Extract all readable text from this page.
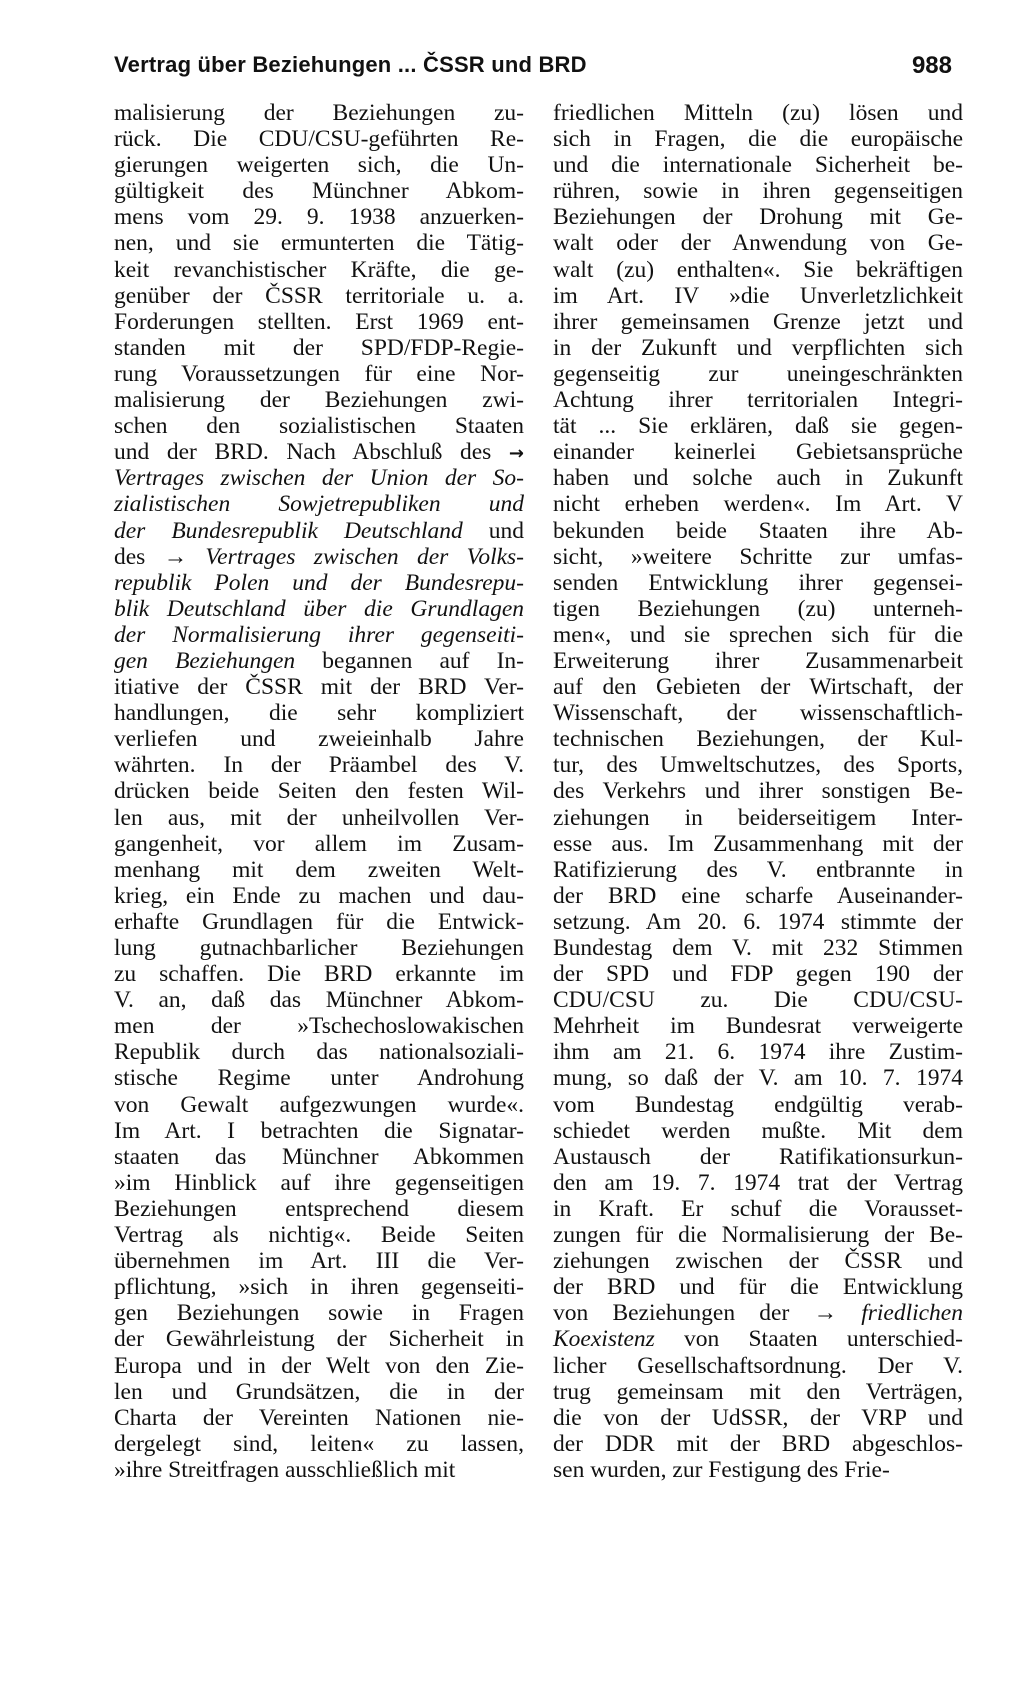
Vertrag über Beziehungen ... ČSSR und BRD	988
malisierung der Beziehungen zu-
rück. Die CDU/CSU-geführten Re-
gierungen weigerten sich, die Un-
gültigkeit des Münchner Abkom-
mens vom 29. 9. 1938 anzuerken-
nen, und sie ermunterten die Tätig-
keit revanchistischer Kräfte, die ge-
genüber der ČSSR territoriale u. a.
Forderungen stellten. Erst 1969 ent-
standen mit der SPD/FDP-Regie-
rung Voraussetzungen für eine Nor-
malisierung der Beziehungen zwi-
schen den sozialistischen Staaten
und der BRD. Nach Abschluß des →
Vertrages zwischen der Union der So-
zialistischen Sowjetrepubliken und
der Bundesrepublik Deutschland und
des → Vertrages zwischen der Volks-
republik Polen und der Bundesrepu-
blik Deutschland über die Grundlagen
der Normalisierung ihrer gegenseiti-
gen Beziehungen begannen auf In-
itiative der ČSSR mit der BRD Ver-
handlungen, die sehr kompliziert
verliefen und zweieinhalb Jahre
währten. In der Präambel des V.
drücken beide Seiten den festen Wil-
len aus, mit der unheilvollen Ver-
gangenheit, vor allem im Zusam-
menhang mit dem zweiten Welt-
krieg, ein Ende zu machen und dau-
erhafte Grundlagen für die Entwick-
lung gutnachbarlicher Beziehungen
zu schaffen. Die BRD erkannte im
V. an, daß das Münchner Abkom-
men der »Tschechoslowakischen
Republik durch das nationalsoziali-
stische Regime unter Androhung
von Gewalt aufgezwungen wurde«.
Im Art. I betrachten die Signatar-
staaten das Münchner Abkommen
»im Hinblick auf ihre gegenseitigen
Beziehungen entsprechend diesem
Vertrag als nichtig«. Beide Seiten
übernehmen im Art. III die Ver-
pflichtung, »sich in ihren gegenseiti-
gen Beziehungen sowie in Fragen
der Gewährleistung der Sicherheit in
Europa und in der Welt von den Zie-
len und Grundsätzen, die in der
Charta der Vereinten Nationen nie-
dergelegt sind, leiten« zu lassen,
»ihre Streitfragen ausschließlich mit
friedlichen Mitteln (zu) lösen und
sich in Fragen, die die europäische
und die internationale Sicherheit be-
rühren, sowie in ihren gegenseitigen
Beziehungen der Drohung mit Ge-
walt oder der Anwendung von Ge-
walt (zu) enthalten«. Sie bekräftigen
im Art. IV »die Unverletzlichkeit
ihrer gemeinsamen Grenze jetzt und
in der Zukunft und verpflichten sich
gegenseitig zur uneingeschränkten
Achtung ihrer territorialen Integri-
tät ... Sie erklären, daß sie gegen-
einander keinerlei Gebietsansprüche
haben und solche auch in Zukunft
nicht erheben werden«. Im Art. V
bekunden beide Staaten ihre Ab-
sicht, »weitere Schritte zur umfas-
senden Entwicklung ihrer gegensei-
tigen Beziehungen (zu) unterneh-
men«, und sie sprechen sich für die
Erweiterung ihrer Zusammenarbeit
auf den Gebieten der Wirtschaft, der
Wissenschaft, der wissenschaftlich-
technischen Beziehungen, der Kul-
tur, des Umweltschutzes, des Sports,
des Verkehrs und ihrer sonstigen Be-
ziehungen in beiderseitigem Inter-
esse aus. Im Zusammenhang mit der
Ratifizierung des V. entbrannte in
der BRD eine scharfe Auseinander-
setzung. Am 20. 6. 1974 stimmte der
Bundestag dem V. mit 232 Stimmen
der SPD und FDP gegen 190 der
CDU/CSU zu. Die CDU/CSU-
Mehrheit im Bundesrat verweigerte
ihm am 21. 6. 1974 ihre Zustim-
mung, so daß der V. am 10. 7. 1974
vom Bundestag endgültig verab-
schiedet werden mußte. Mit dem
Austausch der Ratifikationsurkun-
den am 19. 7. 1974 trat der Vertrag
in Kraft. Er schuf die Vorausset-
zungen für die Normalisierung der Be-
ziehungen zwischen der ČSSR und
der BRD und für die Entwicklung
von Beziehungen der → friedlichen
Koexistenz von Staaten unterschied-
licher Gesellschaftsordnung. Der V.
trug gemeinsam mit den Verträgen,
die von der UdSSR, der VRP und
der DDR mit der BRD abgeschlos-
sen wurden, zur Festigung des Frie-
